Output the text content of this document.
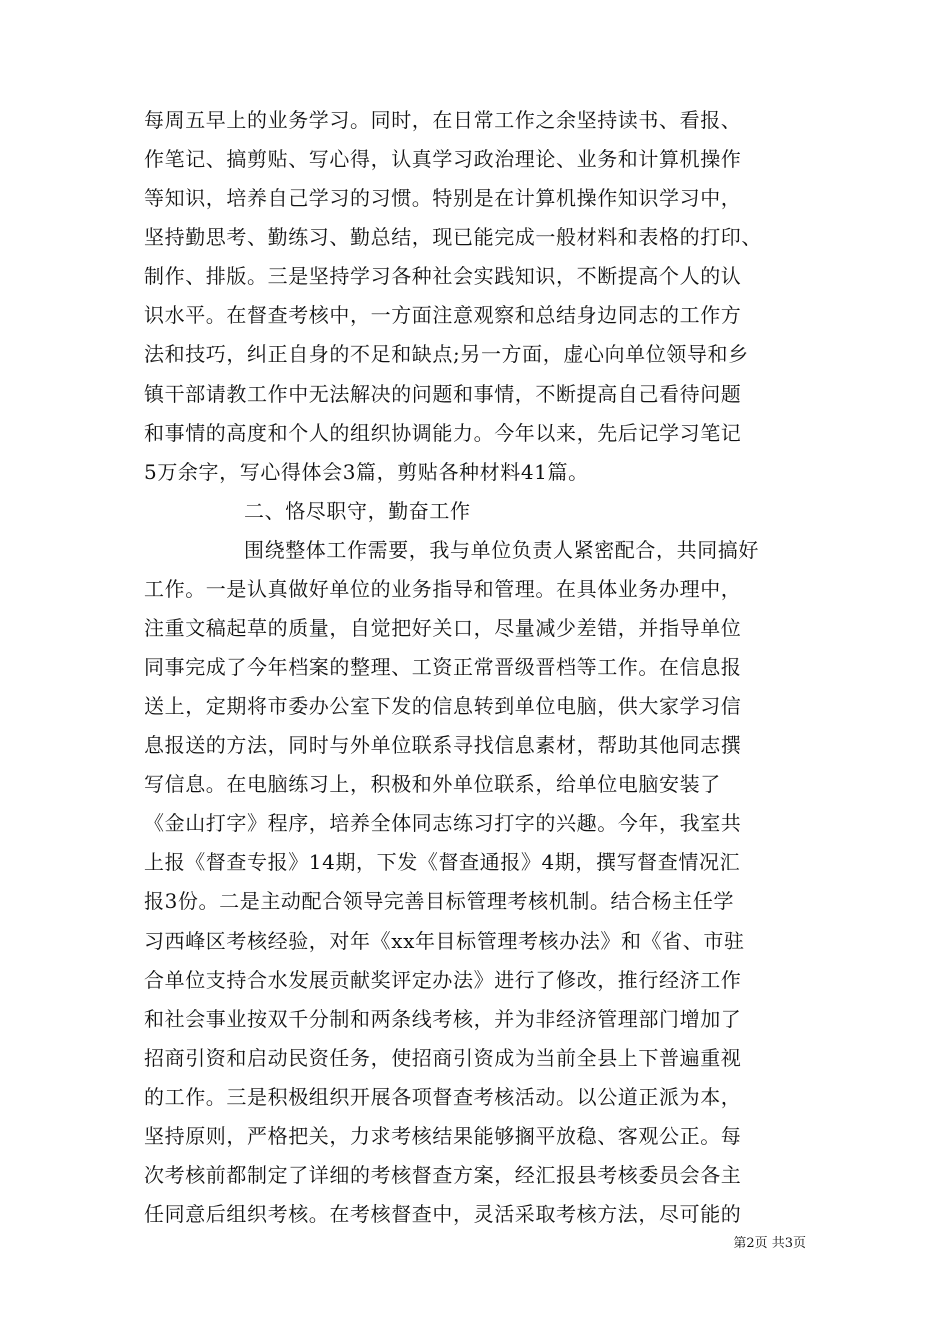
每周五早上的业务学习。同时，在日常工作之余坚持读书、看报、
作笔记、搞剪贴、写心得，认真学习政治理论、业务和计算机操作
等知识，培养自己学习的习惯。特别是在计算机操作知识学习中，
坚持勤思考、勤练习、勤总结，现已能完成一般材料和表格的打印、
制作、排版。三是坚持学习各种社会实践知识，不断提高个人的认
识水平。在督查考核中，一方面注意观察和总结身边同志的工作方
法和技巧，纠正自身的不足和缺点;另一方面，虚心向单位领导和乡
镇干部请教工作中无法解决的问题和事情，不断提高自己看待问题
和事情的高度和个人的组织协调能力。今年以来，先后记学习笔记
5万余字，写心得体会3篇，剪贴各种材料41篇。
二、恪尽职守，勤奋工作
围绕整体工作需要，我与单位负责人紧密配合，共同搞好
工作。一是认真做好单位的业务指导和管理。在具体业务办理中，
注重文稿起草的质量，自觉把好关口，尽量减少差错，并指导单位
同事完成了今年档案的整理、工资正常晋级晋档等工作。在信息报
送上，定期将市委办公室下发的信息转到单位电脑，供大家学习信
息报送的方法，同时与外单位联系寻找信息素材，帮助其他同志撰
写信息。在电脑练习上，积极和外单位联系，给单位电脑安装了
《金山打字》程序，培养全体同志练习打字的兴趣。今年，我室共
上报《督查专报》14期，下发《督查通报》4期，撰写督查情况汇
报3份。二是主动配合领导完善目标管理考核机制。结合杨主任学
习西峰区考核经验，对年《xx年目标管理考核办法》和《省、市驻
合单位支持合水发展贡献奖评定办法》进行了修改，推行经济工作
和社会事业按双千分制和两条线考核，并为非经济管理部门增加了
招商引资和启动民资任务，使招商引资成为当前全县上下普遍重视
的工作。三是积极组织开展各项督查考核活动。以公道正派为本，
坚持原则，严格把关，力求考核结果能够搁平放稳、客观公正。每
次考核前都制定了详细的考核督查方案，经汇报县考核委员会各主
任同意后组织考核。在考核督查中，灵活采取考核方法，尽可能的
第2页 共3页
